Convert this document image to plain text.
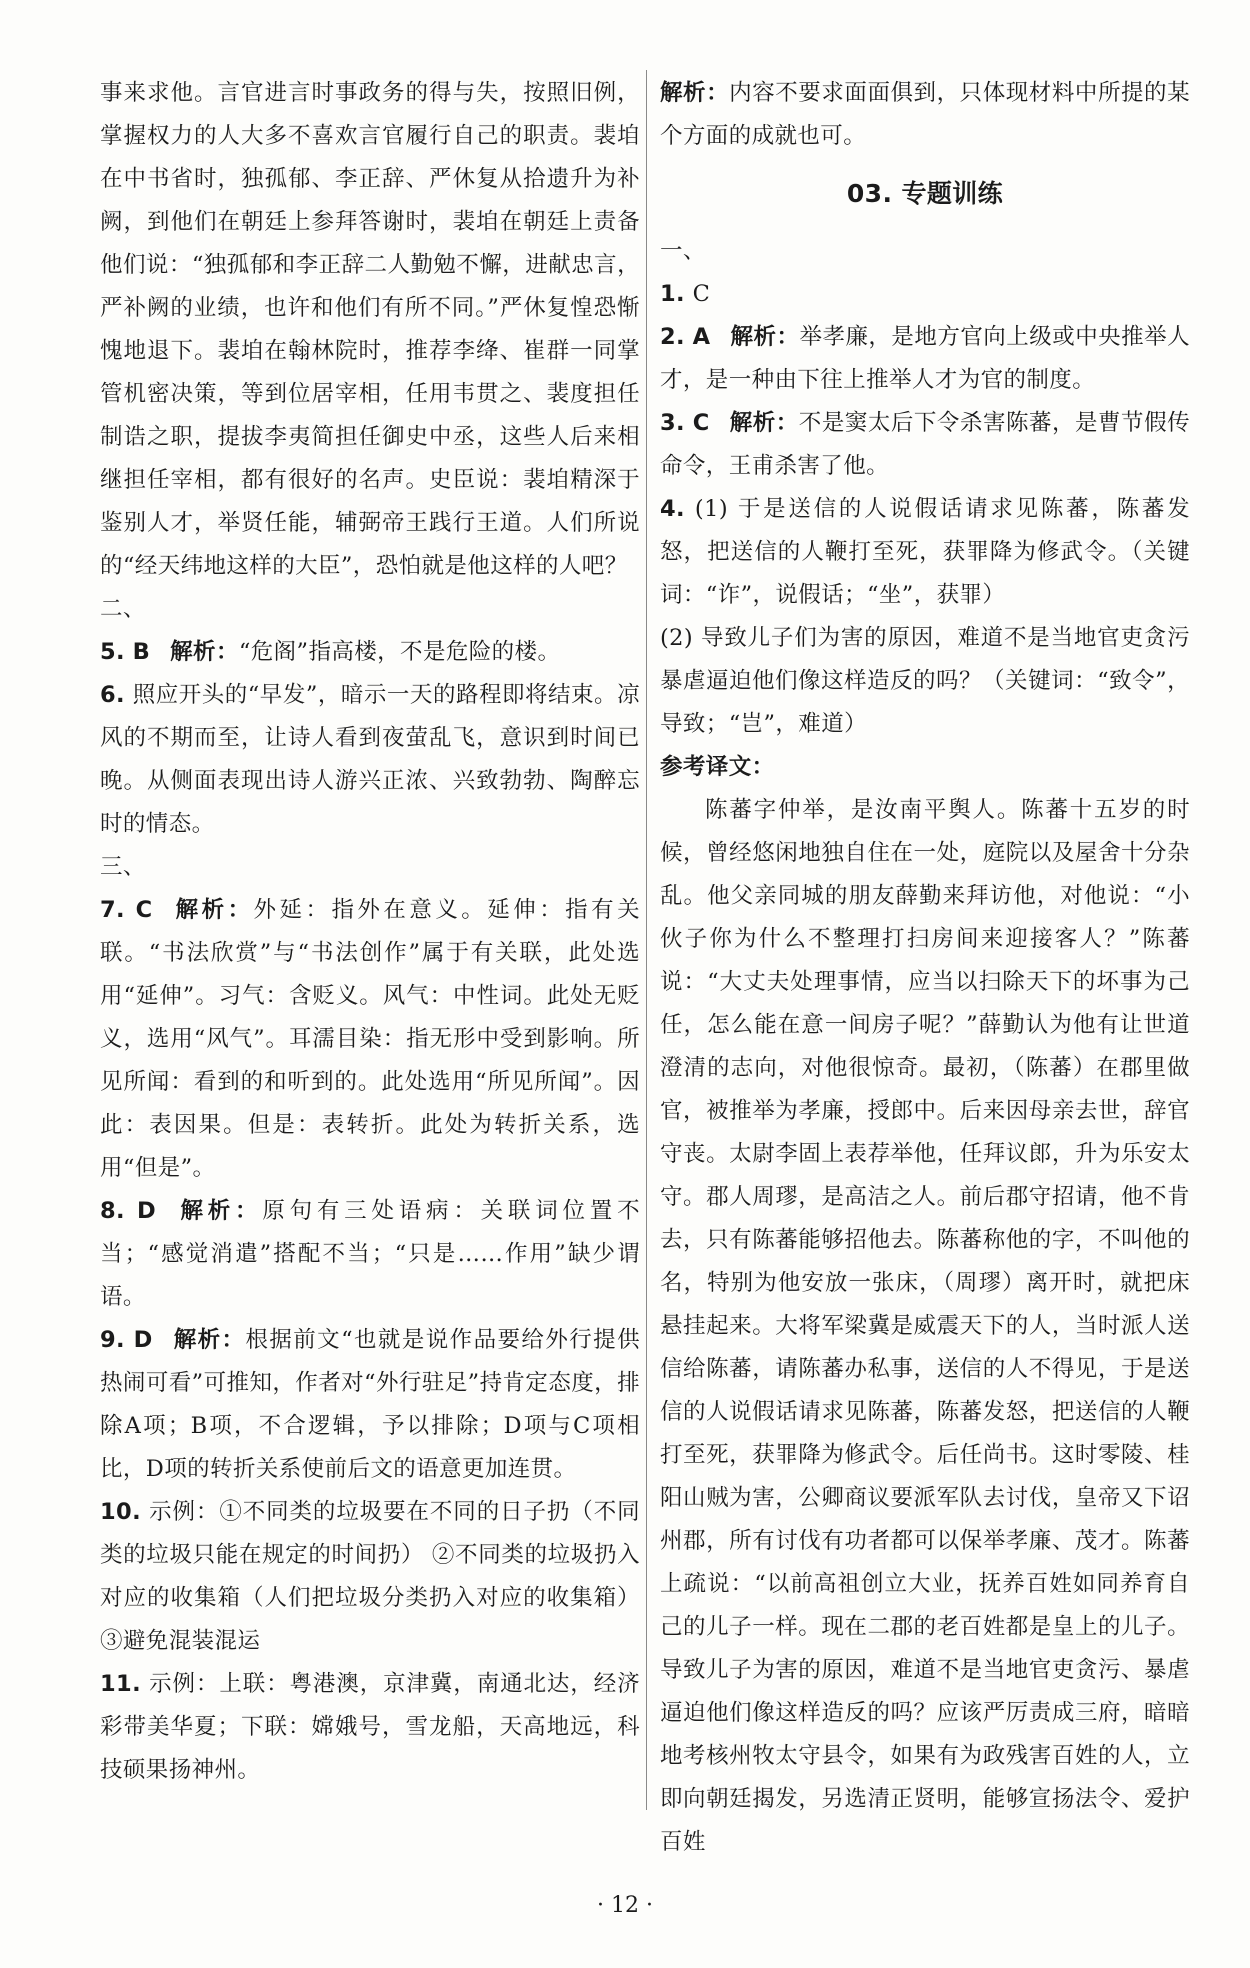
事来求他。言官进言时事政务的得与失，按照旧例，掌握权力的人大多不喜欢言官履行自己的职责。裴垍在中书省时，独孤郁、李正辞、严休复从拾遗升为补阙，到他们在朝廷上参拜答谢时，裴垍在朝廷上责备他们说：“独孤郁和李正辞二人勤勉不懈，进献忠言，严补阙的业绩，也许和他们有所不同。”严休复惶恐惭愧地退下。裴垍在翰林院时，推荐李绛、崔群一同掌管机密决策，等到位居宰相，任用韦贯之、裴度担任制诰之职，提拔李夷简担任御史中丞，这些人后来相继担任宰相，都有很好的名声。史臣说：裴垍精深于鉴别人才，举贤任能，辅弼帝王践行王道。人们所说的“经天纬地这样的大臣”，恐怕就是他这样的人吧？

二、

5. B 解析：“危阁”指高楼，不是危险的楼。

6. 照应开头的“早发”，暗示一天的路程即将结束。凉风的不期而至，让诗人看到夜萤乱飞，意识到时间已晚。从侧面表现出诗人游兴正浓、兴致勃勃、陶醉忘时的情态。

三、

7. C 解析：外延：指外在意义。延伸：指有关联。“书法欣赏”与“书法创作”属于有关联，此处选用“延伸”。习气：含贬义。风气：中性词。此处无贬义，选用“风气”。耳濡目染：指无形中受到影响。所见所闻：看到的和听到的。此处选用“所见所闻”。因此：表因果。但是：表转折。此处为转折关系，选用“但是”。

8. D 解析：原句有三处语病：关联词位置不当；“感觉消遣”搭配不当；“只是……作用”缺少谓语。

9. D 解析：根据前文“也就是说作品要给外行提供热闹可看”可推知，作者对“外行驻足”持肯定态度，排除A项；B项，不合逻辑，予以排除；D项与C项相比，D项的转折关系使前后文的语意更加连贯。

10. 示例：①不同类的垃圾要在不同的日子扔（不同类的垃圾只能在规定的时间扔） ②不同类的垃圾扔入对应的收集箱（人们把垃圾分类扔入对应的收集箱） ③避免混装混运

11. 示例：上联：粤港澳，京津冀，南通北达，经济彩带美华夏；下联：嫦娥号，雪龙船，天高地远，科技硕果扬神州。

解析：内容不要求面面俱到，只体现材料中所提的某个方面的成就也可。

03. 专题训练

一、

1. C

2. A 解析：举孝廉，是地方官向上级或中央推举人才，是一种由下往上推举人才为官的制度。

3. C 解析：不是窦太后下令杀害陈蕃，是曹节假传命令，王甫杀害了他。

4. (1) 于是送信的人说假话请求见陈蕃，陈蕃发怒，把送信的人鞭打至死，获罪降为修武令。（关键词：“诈”，说假话；“坐”，获罪）

(2) 导致儿子们为害的原因，难道不是当地官吏贪污暴虐逼迫他们像这样造反的吗？（关键词：“致令”，导致；“岂”，难道）

参考译文：

陈蕃字仲举，是汝南平舆人。陈蕃十五岁的时候，曾经悠闲地独自住在一处，庭院以及屋舍十分杂乱。他父亲同城的朋友薛勤来拜访他，对他说：“小伙子你为什么不整理打扫房间来迎接客人？”陈蕃说：“大丈夫处理事情，应当以扫除天下的坏事为己任，怎么能在意一间房子呢？”薛勤认为他有让世道澄清的志向，对他很惊奇。最初，（陈蕃）在郡里做官，被推举为孝廉，授郎中。后来因母亲去世，辞官守丧。太尉李固上表荐举他，任拜议郎，升为乐安太守。郡人周璆，是高洁之人。前后郡守招请，他不肯去，只有陈蕃能够招他去。陈蕃称他的字，不叫他的名，特别为他安放一张床，（周璆）离开时，就把床悬挂起来。大将军梁冀是威震天下的人，当时派人送信给陈蕃，请陈蕃办私事，送信的人不得见，于是送信的人说假话请求见陈蕃，陈蕃发怒，把送信的人鞭打至死，获罪降为修武令。后任尚书。这时零陵、桂阳山贼为害，公卿商议要派军队去讨伐，皇帝又下诏州郡，所有讨伐有功者都可以保举孝廉、茂才。陈蕃上疏说：“以前高祖创立大业，抚养百姓如同养育自己的儿子一样。现在二郡的老百姓都是皇上的儿子。导致儿子为害的原因，难道不是当地官吏贪污、暴虐逼迫他们像这样造反的吗？应该严厉责成三府，暗暗地考核州牧太守县令，如果有为政残害百姓的人，立即向朝廷揭发，另选清正贤明，能够宣扬法令、爱护百姓

· 12 ·
